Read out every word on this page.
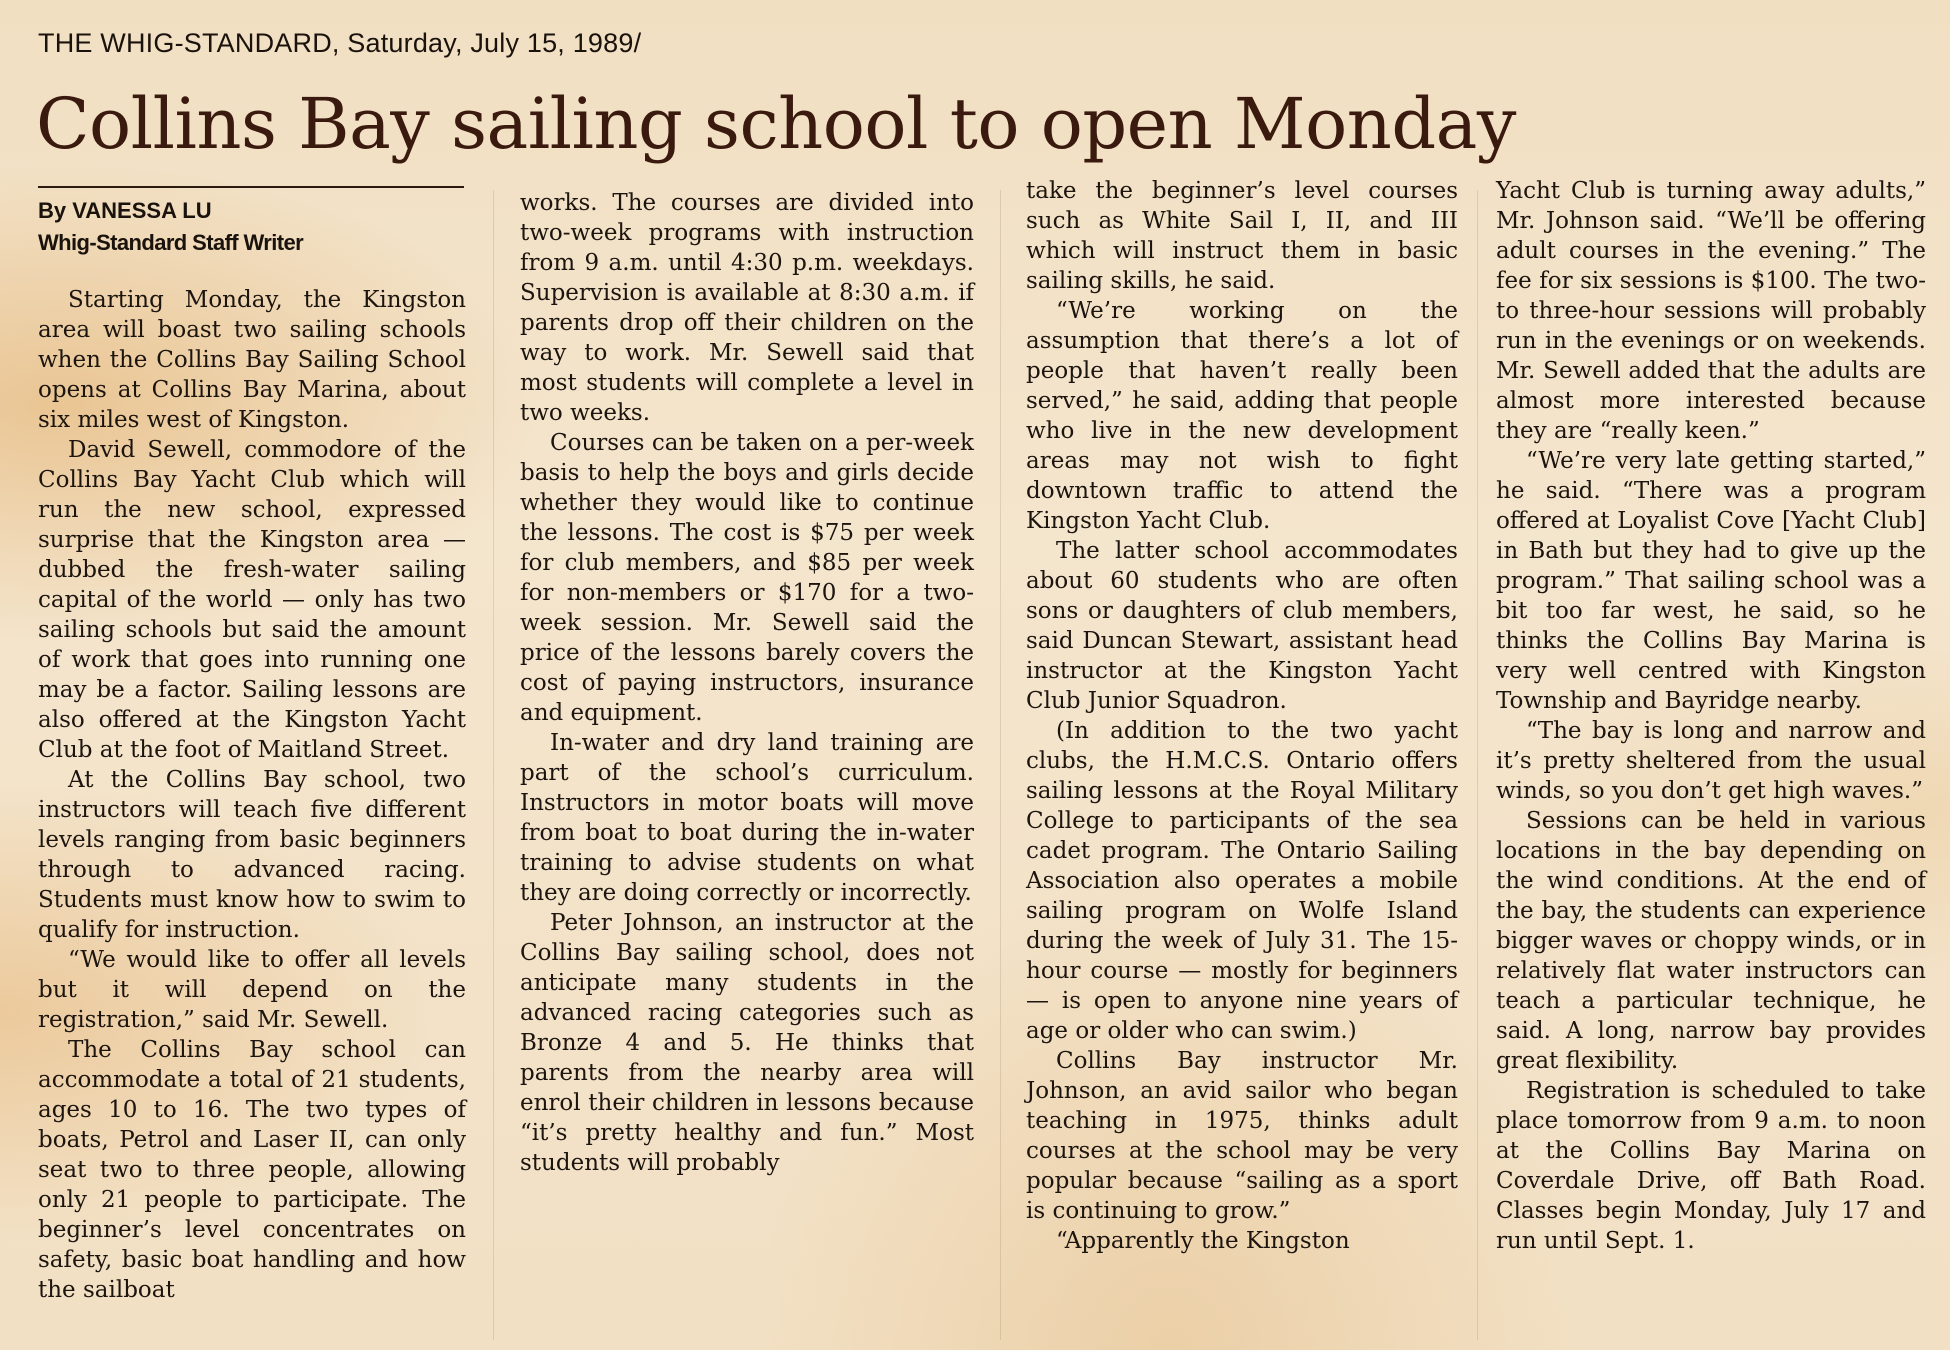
THE WHIG-STANDARD, Saturday, July 15, 1989/
Collins Bay sailing school to open Monday
By VANESSA LU
Whig-Standard Staff Writer

Starting Monday, the Kingston area will boast two sailing schools when the Collins Bay Sailing School opens at Collins Bay Marina, about six miles west of Kingston.

David Sewell, commodore of the Collins Bay Yacht Club which will run the new school, expressed surprise that the Kingston area — dubbed the fresh-water sailing capital of the world — only has two sailing schools but said the amount of work that goes into running one may be a factor. Sailing lessons are also offered at the Kingston Yacht Club at the foot of Maitland Street.

At the Collins Bay school, two instructors will teach five different levels ranging from basic beginners through to advanced racing. Students must know how to swim to qualify for instruction.

“We would like to offer all levels but it will depend on the registration,” said Mr. Sewell.

The Collins Bay school can accommodate a total of 21 students, ages 10 to 16. The two types of boats, Petrol and Laser II, can only seat two to three people, allowing only 21 people to participate. The beginner’s level concentrates on safety, basic boat handling and how the sailboat

works. The courses are divided into two-week programs with instruction from 9 a.m. until 4:30 p.m. weekdays. Supervision is available at 8:30 a.m. if parents drop off their children on the way to work. Mr. Sewell said that most students will complete a level in two weeks.

Courses can be taken on a per-week basis to help the boys and girls decide whether they would like to continue the lessons. The cost is $75 per week for club members, and $85 per week for non-members or $170 for a two-week session. Mr. Sewell said the price of the lessons barely covers the cost of paying instructors, insurance and equipment.

In-water and dry land training are part of the school’s curriculum. Instructors in motor boats will move from boat to boat during the in-water training to advise students on what they are doing correctly or incorrectly.

Peter Johnson, an instructor at the Collins Bay sailing school, does not anticipate many students in the advanced racing categories such as Bronze 4 and 5. He thinks that parents from the nearby area will enrol their children in lessons because “it’s pretty healthy and fun.” Most students will probably

take the beginner’s level courses such as White Sail I, II, and III which will instruct them in basic sailing skills, he said.

“We’re working on the assumption that there’s a lot of people that haven’t really been served,” he said, adding that people who live in the new development areas may not wish to fight downtown traffic to attend the Kingston Yacht Club.

The latter school accommodates about 60 students who are often sons or daughters of club members, said Duncan Stewart, assistant head instructor at the Kingston Yacht Club Junior Squadron.

(In addition to the two yacht clubs, the H.M.C.S. Ontario offers sailing lessons at the Royal Military College to participants of the sea cadet program. The Ontario Sailing Association also operates a mobile sailing program on Wolfe Island during the week of July 31. The 15-hour course — mostly for beginners — is open to anyone nine years of age or older who can swim.)

Collins Bay instructor Mr. Johnson, an avid sailor who began teaching in 1975, thinks adult courses at the school may be very popular because “sailing as a sport is continuing to grow.”

“Apparently the Kingston

Yacht Club is turning away adults,” Mr. Johnson said. “We’ll be offering adult courses in the evening.” The fee for six sessions is $100. The two- to three-hour sessions will probably run in the evenings or on weekends. Mr. Sewell added that the adults are almost more interested because they are “really keen.”

“We’re very late getting started,” he said. “There was a program offered at Loyalist Cove [Yacht Club] in Bath but they had to give up the program.” That sailing school was a bit too far west, he said, so he thinks the Collins Bay Marina is very well centred with Kingston Township and Bayridge nearby.

“The bay is long and narrow and it’s pretty sheltered from the usual winds, so you don’t get high waves.”

Sessions can be held in various locations in the bay depending on the wind conditions. At the end of the bay, the students can experience bigger waves or choppy winds, or in relatively flat water instructors can teach a particular technique, he said. A long, narrow bay provides great flexibility.

Registration is scheduled to take place tomorrow from 9 a.m. to noon at the Collins Bay Marina on Coverdale Drive, off Bath Road. Classes begin Monday, July 17 and run until Sept. 1.
